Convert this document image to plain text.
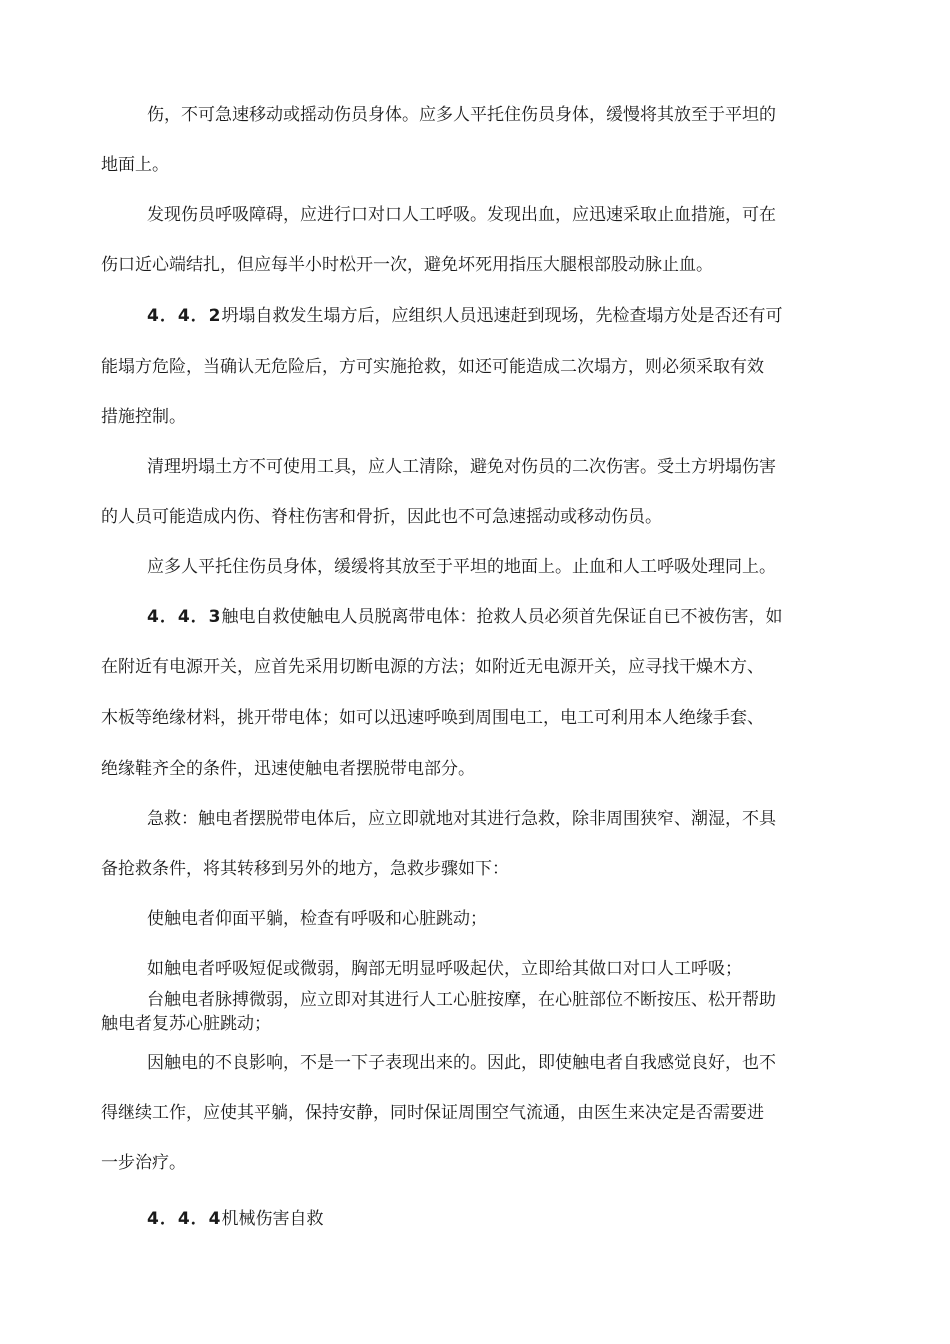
伤，不可急速移动或摇动伤员身体。应多人平托住伤员身体，缓慢将其放至于平坦的
地面上。
发现伤员呼吸障碍，应进行口对口人工呼吸。发现出血，应迅速采取止血措施，可在
伤口近心端结扎，但应每半小时松开一次，避免坏死用指压大腿根部股动脉止血。
4．4．2坍塌自救发生塌方后，应组织人员迅速赶到现场，先检查塌方处是否还有可
能塌方危险，当确认无危险后，方可实施抢救，如还可能造成二次塌方，则必须采取有效
措施控制。
清理坍塌土方不可使用工具，应人工清除，避免对伤员的二次伤害。受土方坍塌伤害
的人员可能造成内伤、脊柱伤害和骨折，因此也不可急速摇动或移动伤员。
应多人平托住伤员身体，缓缓将其放至于平坦的地面上。止血和人工呼吸处理同上。
4．4．3触电自救使触电人员脱离带电体：抢救人员必须首先保证自已不被伤害，如
在附近有电源开关，应首先采用切断电源的方法；如附近无电源开关，应寻找干燥木方、
木板等绝缘材料，挑开带电体；如可以迅速呼唤到周围电工，电工可利用本人绝缘手套、
绝缘鞋齐全的条件，迅速使触电者摆脱带电部分。
急救：触电者摆脱带电体后，应立即就地对其进行急救，除非周围狭窄、潮湿，不具
备抢救条件，将其转移到另外的地方，急救步骤如下：
使触电者仰面平躺，检查有呼吸和心脏跳动；
如触电者呼吸短促或微弱，胸部无明显呼吸起伏，立即给其做口对口人工呼吸；
台触电者脉搏微弱，应立即对其进行人工心脏按摩，在心脏部位不断按压、松开帮助
触电者复苏心脏跳动；
因触电的不良影响，不是一下子表现出来的。因此，即使触电者自我感觉良好，也不
得继续工作，应使其平躺，保持安静，同时保证周围空气流通，由医生来决定是否需要进
一步治疗。
4．4．4机械伤害自救
